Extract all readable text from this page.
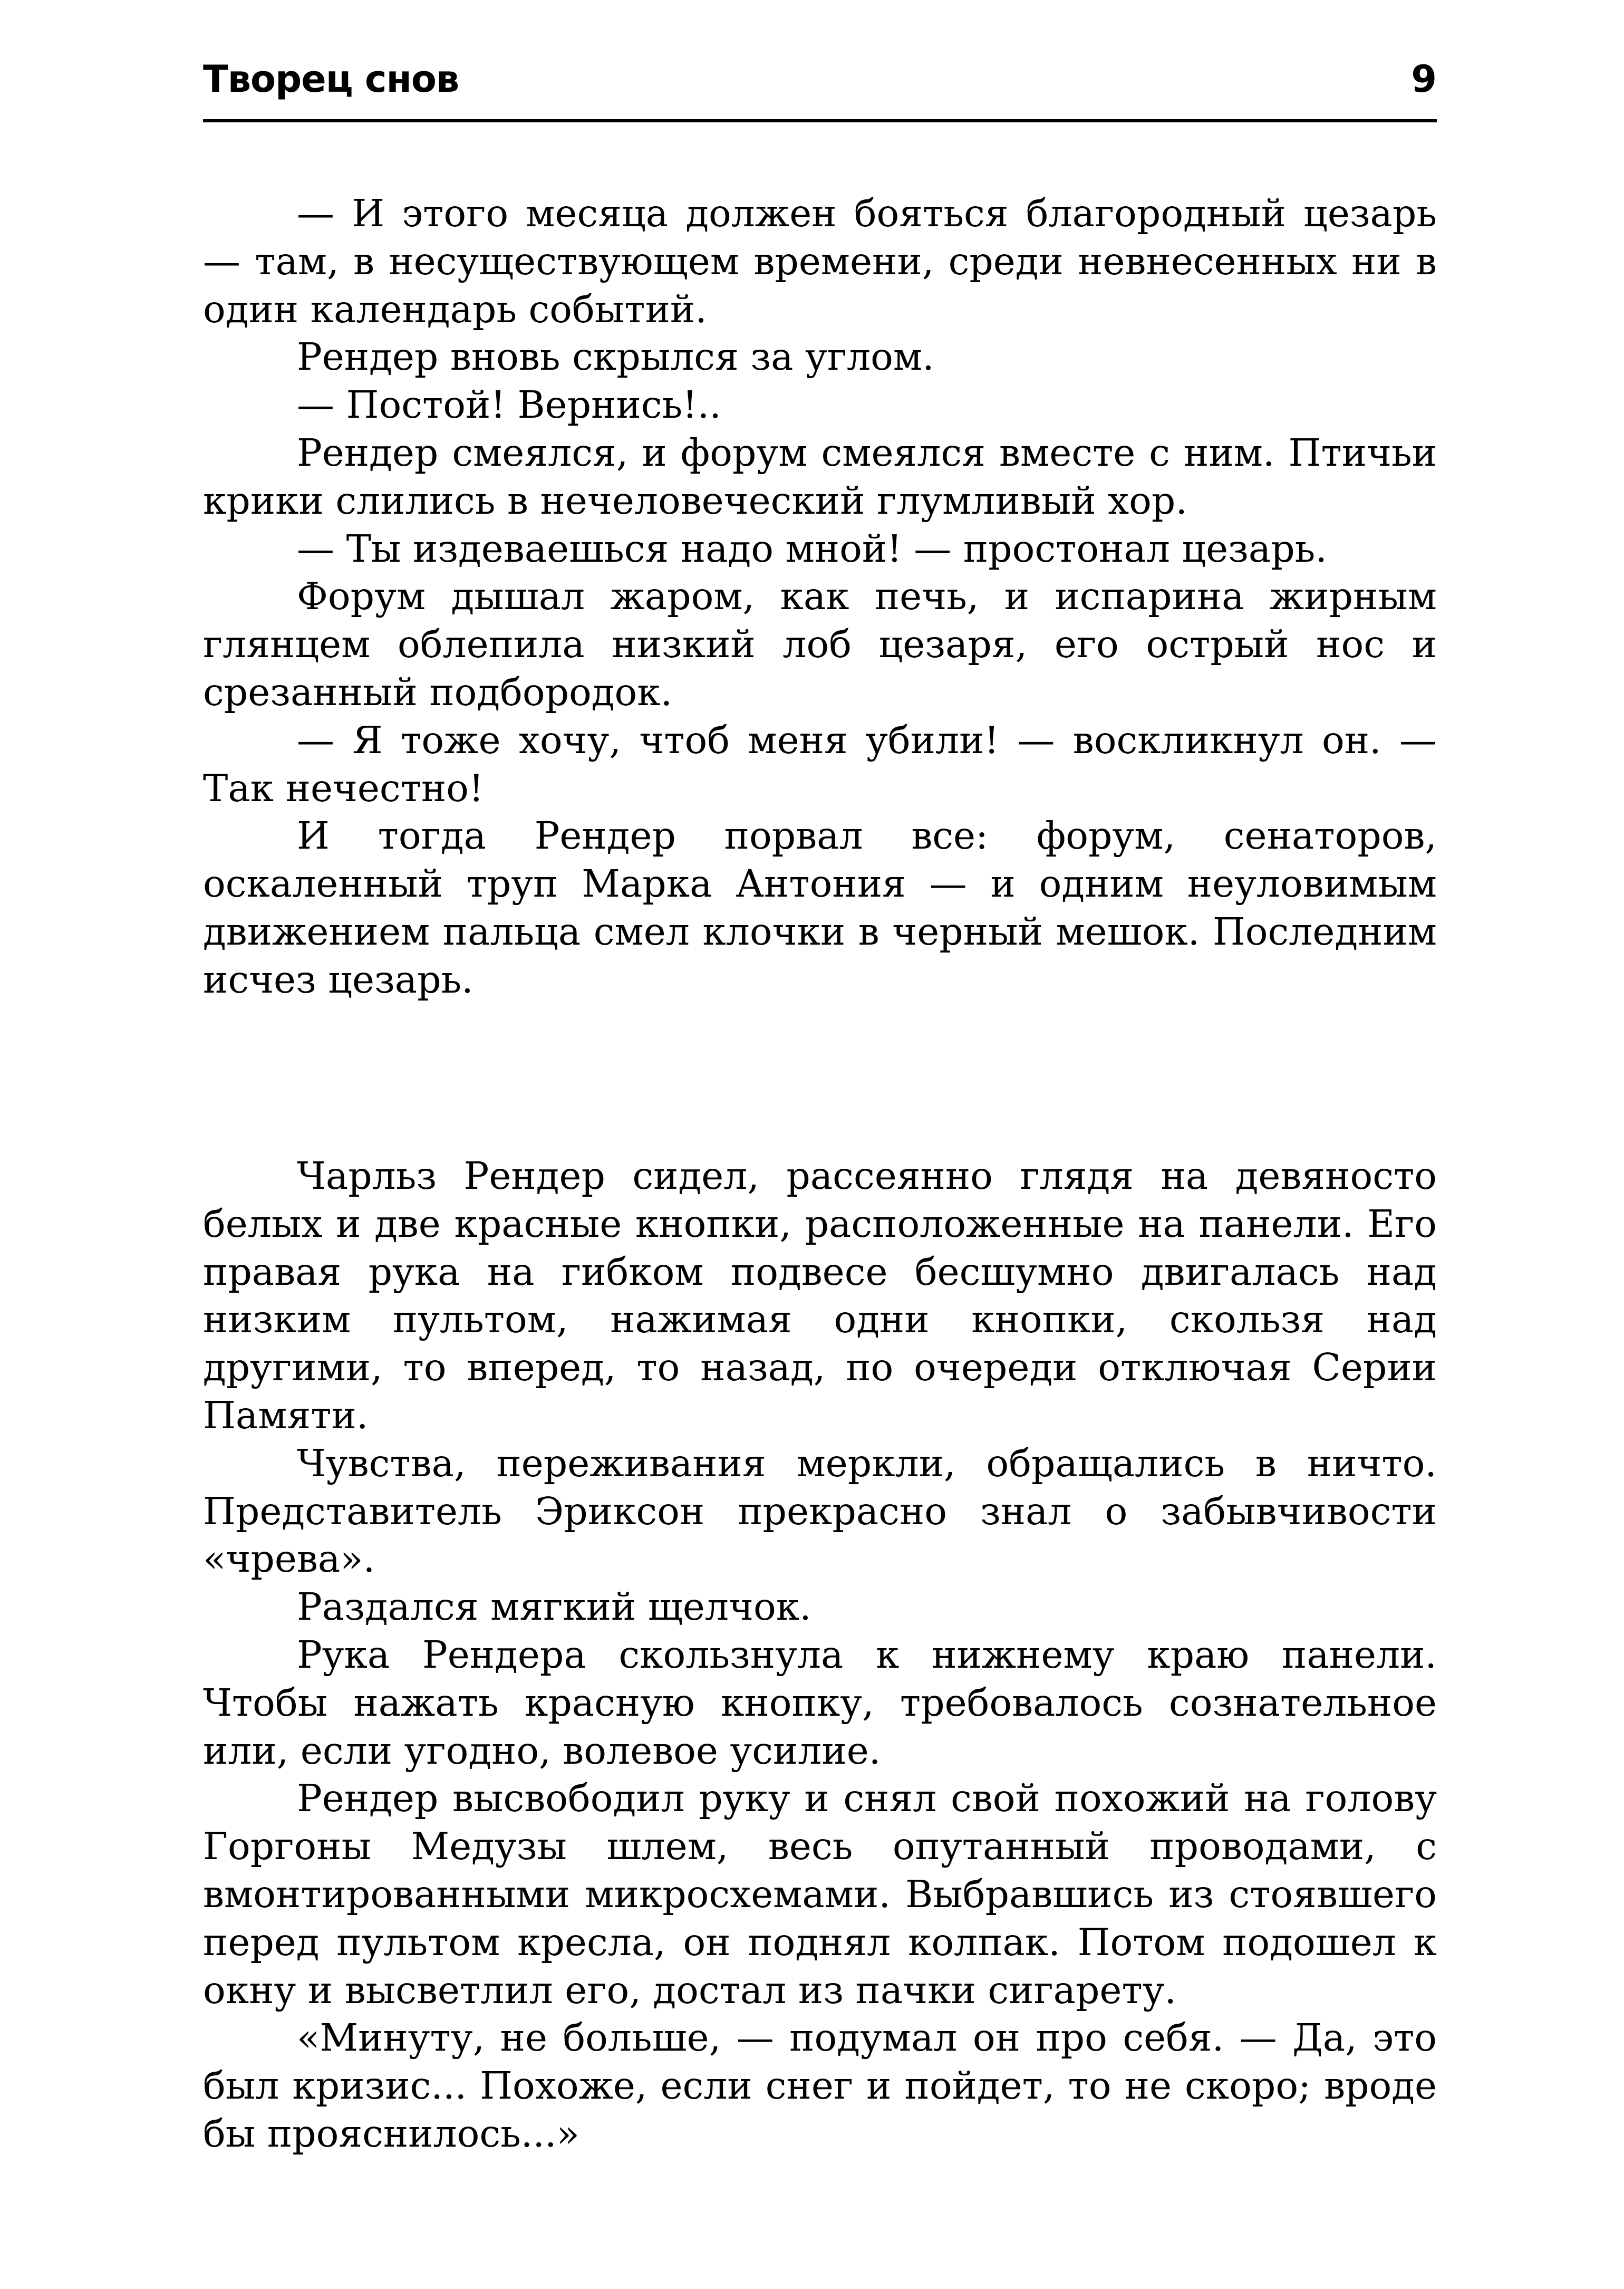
Творец снов	9

— И этого месяца должен бояться благородный цезарь — там, в несуществующем времени, среди невнесенных ни в один календарь событий.

Рендер вновь скрылся за углом.

— Постой! Вернись!..

Рендер смеялся, и форум смеялся вместе с ним. Птичьи крики слились в нечеловеческий глумливый хор.

— Ты издеваешься надо мной! — простонал цезарь.

Форум дышал жаром, как печь, и испарина жирным глянцем облепила низкий лоб цезаря, его острый нос и срезанный подбородок.

— Я тоже хочу, чтоб меня убили! — воскликнул он. — Так нечестно!

И тогда Рендер порвал все: форум, сенаторов, оскаленный труп Марка Антония — и одним неуловимым движением пальца смел клочки в черный мешок. Последним исчез цезарь.

Чарльз Рендер сидел, рассеянно глядя на девяносто белых и две красные кнопки, расположенные на панели. Его правая рука на гибком подвесе бесшумно двигалась над низким пультом, нажимая одни кнопки, скользя над другими, то вперед, то назад, по очереди отключая Серии Памяти.

Чувства, переживания меркли, обращались в ничто. Представитель Эриксон прекрасно знал о забывчивости «чрева».

Раздался мягкий щелчок.

Рука Рендера скользнула к нижнему краю панели. Чтобы нажать красную кнопку, требовалось сознательное или, если угодно, волевое усилие.

Рендер высвободил руку и снял свой похожий на голову Горгоны Медузы шлем, весь опутанный проводами, с вмонтированными микросхемами. Выбравшись из стоявшего перед пультом кресла, он поднял колпак. Потом подошел к окну и высветлил его, достал из пачки сигарету.

«Минуту, не больше, — подумал он про себя. — Да, это был кризис... Похоже, если снег и пойдет, то не скоро; вроде бы прояснилось...»
